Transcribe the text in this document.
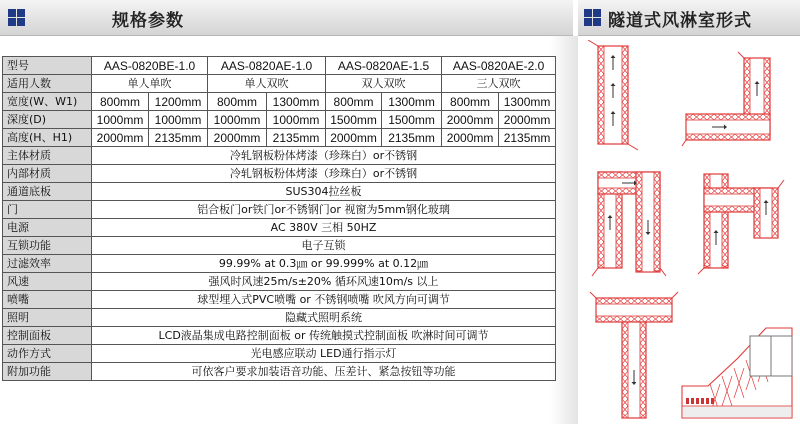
规格参数	隧道式风淋室形式
型号	AAS-0820BE-1.0		AAS-0820AE-1.0		AAS-0820AE-1.5		AAS-0820AE-2.0	
适用人数	单人单吹		单人双吹		双人双吹		三人双吹	
宽度(W、W1)	800mm	1200mm	800mm	1300mm	800mm	1300mm	800mm	1300mm
深度(D)	1000mm	1000mm	1000mm	1000mm	1500mm	1500mm	2000mm	2000mm
高度(H、H1)	2000mm	2135mm	2000mm	2135mm	2000mm	2135mm	2000mm	2135mm
主体材质	冷轧钢板粉体烤漆（珍珠白）or不锈钢							
内部材质	冷轧钢板粉体烤漆（珍珠白）or不锈钢							
通道底板	SUS304拉丝板							
门	铝合板门or铁门or不锈钢门or 视窗为5mm钢化玻璃							
电源	AC 380V 三相 50HZ							
互锁功能	电子互锁							
过滤效率	99.99% at 0.3㎛ or 99.999% at 0.12㎛							
风速	强风时风速25m/s±20% 循环风速10m/s 以上							
喷嘴	球型埋入式PVC喷嘴 or 不锈钢喷嘴 吹风方向可调节							
照明	隐藏式照明系统							
控制面板	LCD液晶集成电路控制面板 or 传统触摸式控制面板 吹淋时间可调节							
动作方式	光电感应联动 LED通行指示灯							
附加功能	可依客户要求加装语音功能、压差计、紧急按钮等功能							
